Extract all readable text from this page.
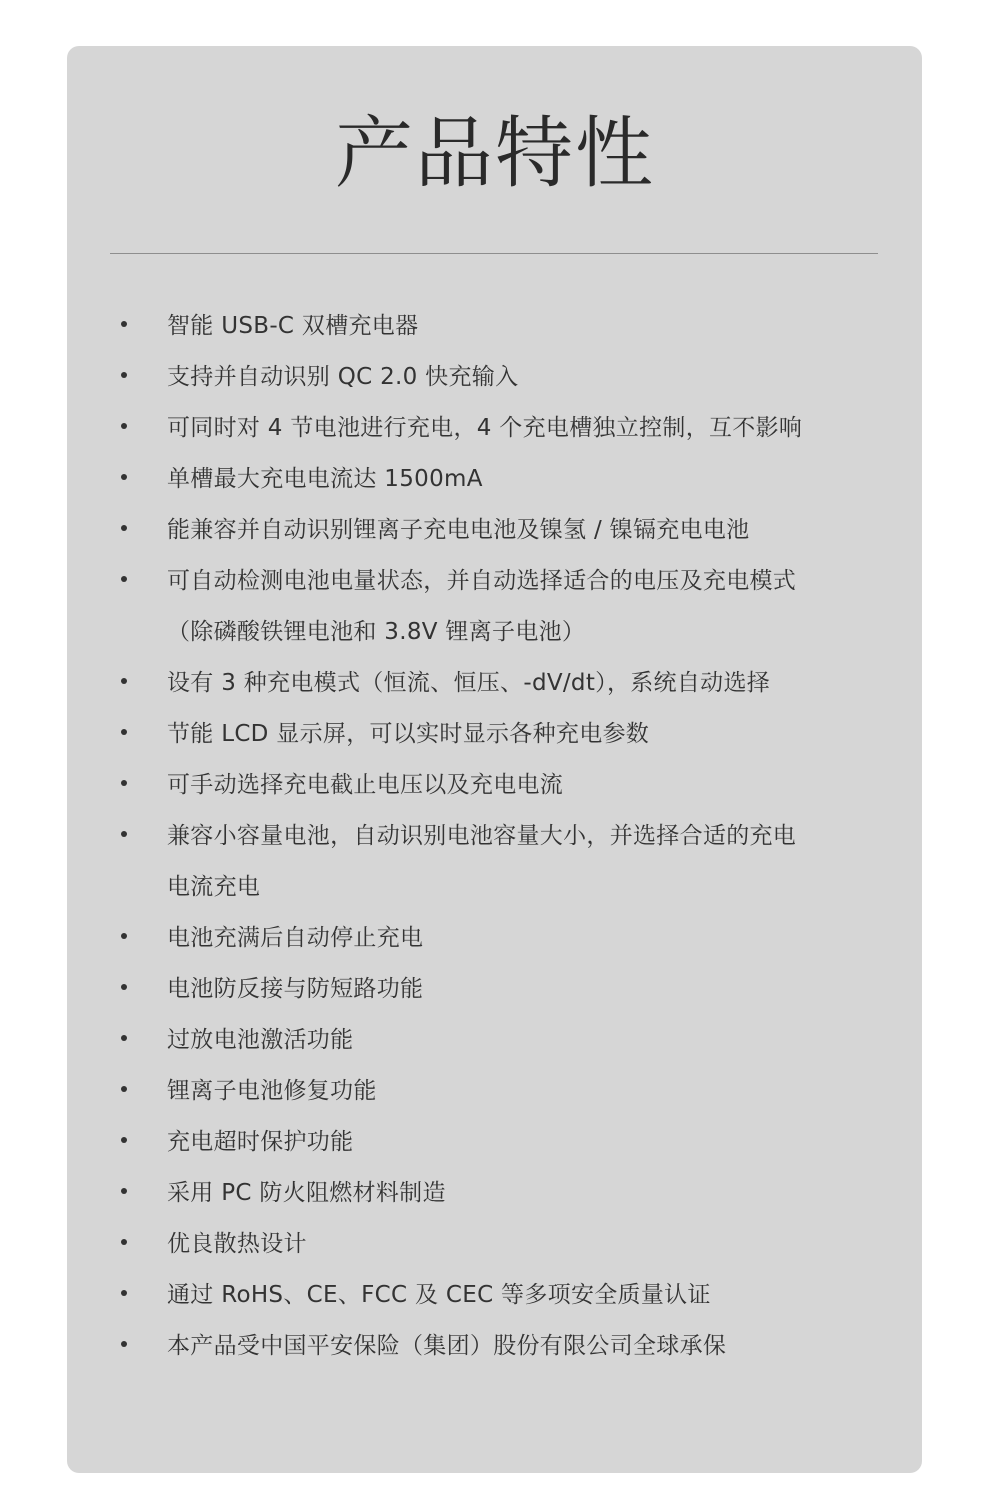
产品特性
智能 USB-C 双槽充电器
支持并自动识别 QC 2.0 快充输入
可同时对 4 节电池进行充电，4 个充电槽独立控制，互不影响
单槽最大充电电流达 1500mA
能兼容并自动识别锂离子充电电池及镍氢 / 镍镉充电电池
可自动检测电池电量状态，并自动选择适合的电压及充电模式
（除磷酸铁锂电池和 3.8V 锂离子电池）
设有 3 种充电模式（恒流、恒压、-dV/dt），系统自动选择
节能 LCD 显示屏，可以实时显示各种充电参数
可手动选择充电截止电压以及充电电流
兼容小容量电池，自动识别电池容量大小，并选择合适的充电
电流充电
电池充满后自动停止充电
电池防反接与防短路功能
过放电池激活功能
锂离子电池修复功能
充电超时保护功能
采用 PC 防火阻燃材料制造
优良散热设计
通过 RoHS、CE、FCC 及 CEC 等多项安全质量认证
本产品受中国平安保险（集团）股份有限公司全球承保
